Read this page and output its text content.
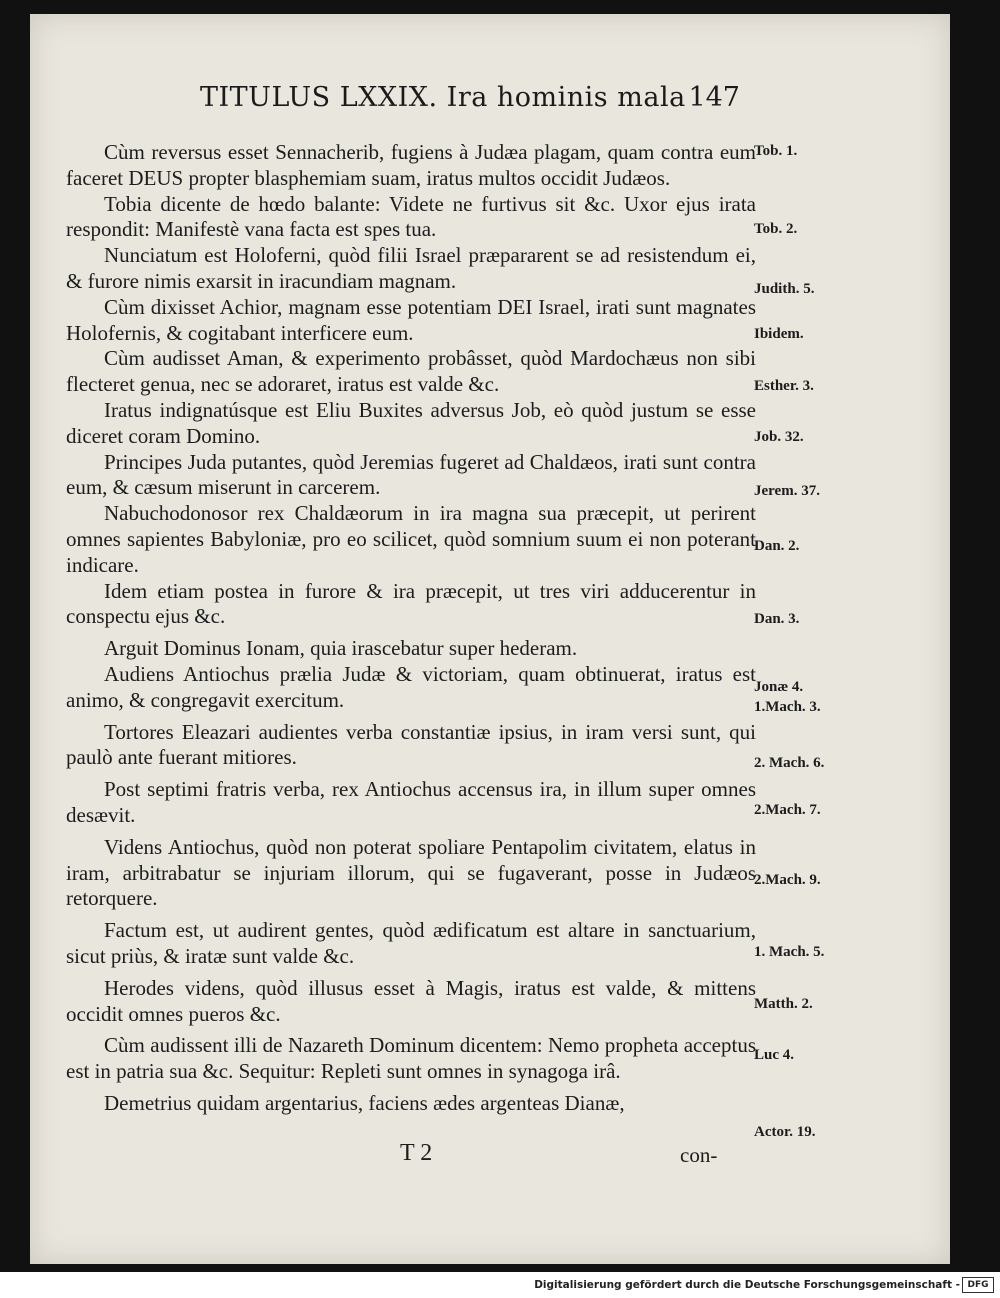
TITULUS LXXIX. Ira hominis mala 147

Cùm reversus esset Sennacherib, fugiens à Judæa plagam, quam contra eum faceret DEUS propter blasphemiam suam, iratus multos occidit Judæos.

Tobia dicente de hœdo balante: Videte ne furtivus sit &c. Uxor ejus irata respondit: Manifestè vana facta est spes tua.

Nunciatum est Holoferni, quòd filii Israel præpararent se ad resistendum ei, & furore nimis exarsit in iracundiam magnam.

Cùm dixisset Achior, magnam esse potentiam DEI Israel, irati sunt magnates Holofernis, & cogitabant interficere eum.

Cùm audisset Aman, & experimento probâsset, quòd Mardochæus non sibi flecteret genua, nec se adoraret, iratus est valde &c.

Iratus indignatúsque est Eliu Buxites adversus Job, eò quòd justum se esse diceret coram Domino.

Principes Juda putantes, quòd Jeremias fugeret ad Chaldæos, irati sunt contra eum, & cæsum miserunt in carcerem.

Nabuchodonosor rex Chaldæorum in ira magna sua præcepit, ut perirent omnes sapientes Babyloniæ, pro eo scilicet, quòd somnium suum ei non poterant indicare.

Idem etiam postea in furore & ira præcepit, ut tres viri adducerentur in conspectu ejus &c.

Arguit Dominus Ionam, quia irascebatur super hederam.

Audiens Antiochus prælia Judæ & victoriam, quam obtinuerat, iratus est animo, & congregavit exercitum.

Tortores Eleazari audientes verba constantiæ ipsius, in iram versi sunt, qui paulò ante fuerant mitiores.

Post septimi fratris verba, rex Antiochus accensus ira, in illum super omnes desævit.

Videns Antiochus, quòd non poterat spoliare Pentapolim civitatem, elatus in iram, arbitrabatur se injuriam illorum, qui se fugaverant, posse in Judæos retorquere.

Factum est, ut audirent gentes, quòd ædificatum est altare in sanctuarium, sicut priùs, & iratæ sunt valde &c.

Herodes videns, quòd illusus esset à Magis, iratus est valde, & mittens occidit omnes pueros &c.

Cùm audissent illi de Nazareth Dominum dicentem: Nemo propheta acceptus est in patria sua &c. Sequitur: Repleti sunt omnes in synagoga irâ.

Demetrius quidam argentarius, faciens ædes argenteas Dianæ,

Tob. 1.
Tob. 2.
Judith. 5.
Ibidem.
Esther. 3.
Job. 32.
Jerem. 37.
Dan. 2.
Dan. 3.
Jonæ 4.
1.Mach. 3.
2. Mach. 6.
2.Mach. 7.
2.Mach. 9.
1. Mach. 5.
Matth. 2.
Luc 4.
Actor. 19.
T 2	con-
Digitalisierung gefördert durch die Deutsche Forschungsgemeinschaft - DFG
